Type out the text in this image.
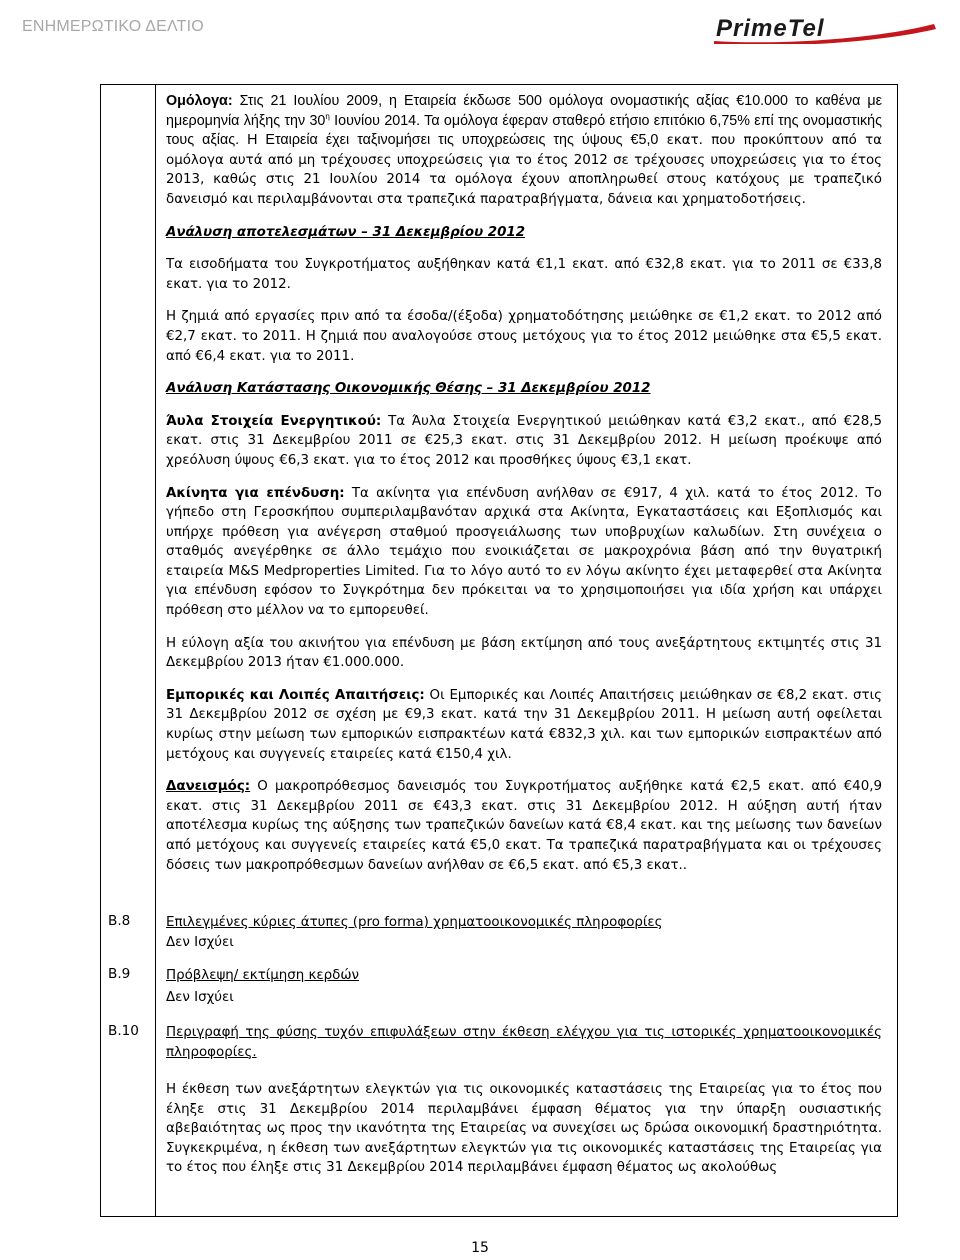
ΕΝΗΜΕΡΩΤΙΚΟ ΔΕΛΤΙΟ	PrimeTel

Ομόλογα: Στις 21 Ιουλίου 2009, η Εταιρεία έκδωσε 500 ομόλογα ονομαστικής αξίας €10.000 το καθένα με ημερομηνία λήξης την $30^\eta$ Ιουνίου 2014. Τα ομόλογα έφεραν σταθερό ετήσιο επιτόκιο 6,75% επί της ονομαστικής τους αξίας. Η Εταιρεία έχει ταξινομήσει τις υποχρεώσεις της ύψους €5,0 εκατ. που προκύπτουν από τα ομόλογα αυτά από μη τρέχουσες υποχρεώσεις για το έτος 2012 σε τρέχουσες υποχρεώσεις για το έτος 2013, καθώς στις 21 Ιουλίου 2014 τα ομόλογα έχουν αποπληρωθεί στους κατόχους με τραπεζικό δανεισμό και περιλαμβάνονται στα τραπεζικά παρατραβήγματα, δάνεια και χρηματοδοτήσεις.

Ανάλυση αποτελεσμάτων – 31 Δεκεμβρίου 2012

Τα εισοδήματα του Συγκροτήματος αυξήθηκαν κατά €1,1 εκατ. από €32,8 εκατ. για το 2011 σε €33,8 εκατ. για το 2012.

Η ζημιά από εργασίες πριν από τα έσοδα/(έξοδα) χρηματοδότησης μειώθηκε σε €1,2 εκατ. το 2012 από €2,7 εκατ. το 2011. Η ζημιά που αναλογούσε στους μετόχους για το έτος 2012 μειώθηκε στα €5,5 εκατ. από €6,4 εκατ. για το 2011.

Ανάλυση Κατάστασης Οικονομικής Θέσης – 31 Δεκεμβρίου 2012

Άυλα Στοιχεία Ενεργητικού: Τα Άυλα Στοιχεία Ενεργητικού μειώθηκαν κατά €3,2 εκατ., από €28,5 εκατ. στις 31 Δεκεμβρίου 2011 σε €25,3 εκατ. στις 31 Δεκεμβρίου 2012. Η μείωση προέκυψε από χρεόλυση ύψους €6,3 εκατ. για το έτος 2012 και προσθήκες ύψους €3,1 εκατ.

Ακίνητα για επένδυση: Τα ακίνητα για επένδυση ανήλθαν σε €917, 4 χιλ. κατά το έτος 2012. Το γήπεδο στη Γεροσκήπου συμπεριλαμβανόταν αρχικά στα Ακίνητα, Εγκαταστάσεις και Εξοπλισμός και υπήρχε πρόθεση για ανέγερση σταθμού προσγειάλωσης των υποβρυχίων καλωδίων. Στη συνέχεια ο σταθμός ανεγέρθηκε σε άλλο τεμάχιο που ενοικιάζεται σε μακροχρόνια βάση από την θυγατρική εταιρεία M&S Medproperties Limited. Για το λόγο αυτό το εν λόγω ακίνητο έχει μεταφερθεί στα Ακίνητα για επένδυση εφόσον το Συγκρότημα δεν πρόκειται να το χρησιμοποιήσει για ιδία χρήση και υπάρχει πρόθεση στο μέλλον να το εμπορευθεί.

Η εύλογη αξία του ακινήτου για επένδυση με βάση εκτίμηση από τους ανεξάρτητους εκτιμητές στις 31 Δεκεμβρίου 2013 ήταν €1.000.000.

Εμπορικές και Λοιπές Απαιτήσεις: Οι Εμπορικές και Λοιπές Απαιτήσεις μειώθηκαν σε €8,2 εκατ. στις 31 Δεκεμβρίου 2012 σε σχέση με €9,3 εκατ. κατά την 31 Δεκεμβρίου 2011. Η μείωση αυτή οφείλεται κυρίως στην μείωση των εμπορικών εισπρακτέων κατά €832,3 χιλ. και των εμπορικών εισπρακτέων από μετόχους και συγγενείς εταιρείες κατά €150,4 χιλ.

Δανεισμός: Ο μακροπρόθεσμος δανεισμός του Συγκροτήματος αυξήθηκε κατά €2,5 εκατ. από €40,9 εκατ. στις 31 Δεκεμβρίου 2011 σε €43,3 εκατ. στις 31 Δεκεμβρίου 2012. Η αύξηση αυτή ήταν αποτέλεσμα κυρίως της αύξησης των τραπεζικών δανείων κατά €8,4 εκατ. και της μείωσης των δανείων από μετόχους και συγγενείς εταιρείες κατά €5,0 εκατ. Τα τραπεζικά παρατραβήγματα και οι τρέχουσες δόσεις των μακροπρόθεσμων δανείων ανήλθαν σε €6,5 εκατ. από €5,3 εκατ..

B.8	Επιλεγμένες κύριες άτυπες (pro forma) χρηματοοικονομικές πληροφορίες
Δεν Ισχύει
B.9	Πρόβλεψη/ εκτίμηση κερδών
Δεν Ισχύει
B.10 Περιγραφή της φύσης τυχόν επιφυλάξεων στην έκθεση ελέγχου για τις ιστορικές χρηματοοικονομικές πληροφορίες.
Η έκθεση των ανεξάρτητων ελεγκτών για τις οικονομικές καταστάσεις της Εταιρείας για το έτος που έληξε στις 31 Δεκεμβρίου 2014 περιλαμβάνει έμφαση θέματος για την ύπαρξη ουσιαστικής αβεβαιότητας ως προς την ικανότητα της Εταιρείας να συνεχίσει ως δρώσα οικονομική δραστηριότητα. Συγκεκριμένα, η έκθεση των ανεξάρτητων ελεγκτών για τις οικονομικές καταστάσεις της Εταιρείας για το έτος που έληξε στις 31 Δεκεμβρίου 2014 περιλαμβάνει έμφαση θέματος ως ακολούθως
15
